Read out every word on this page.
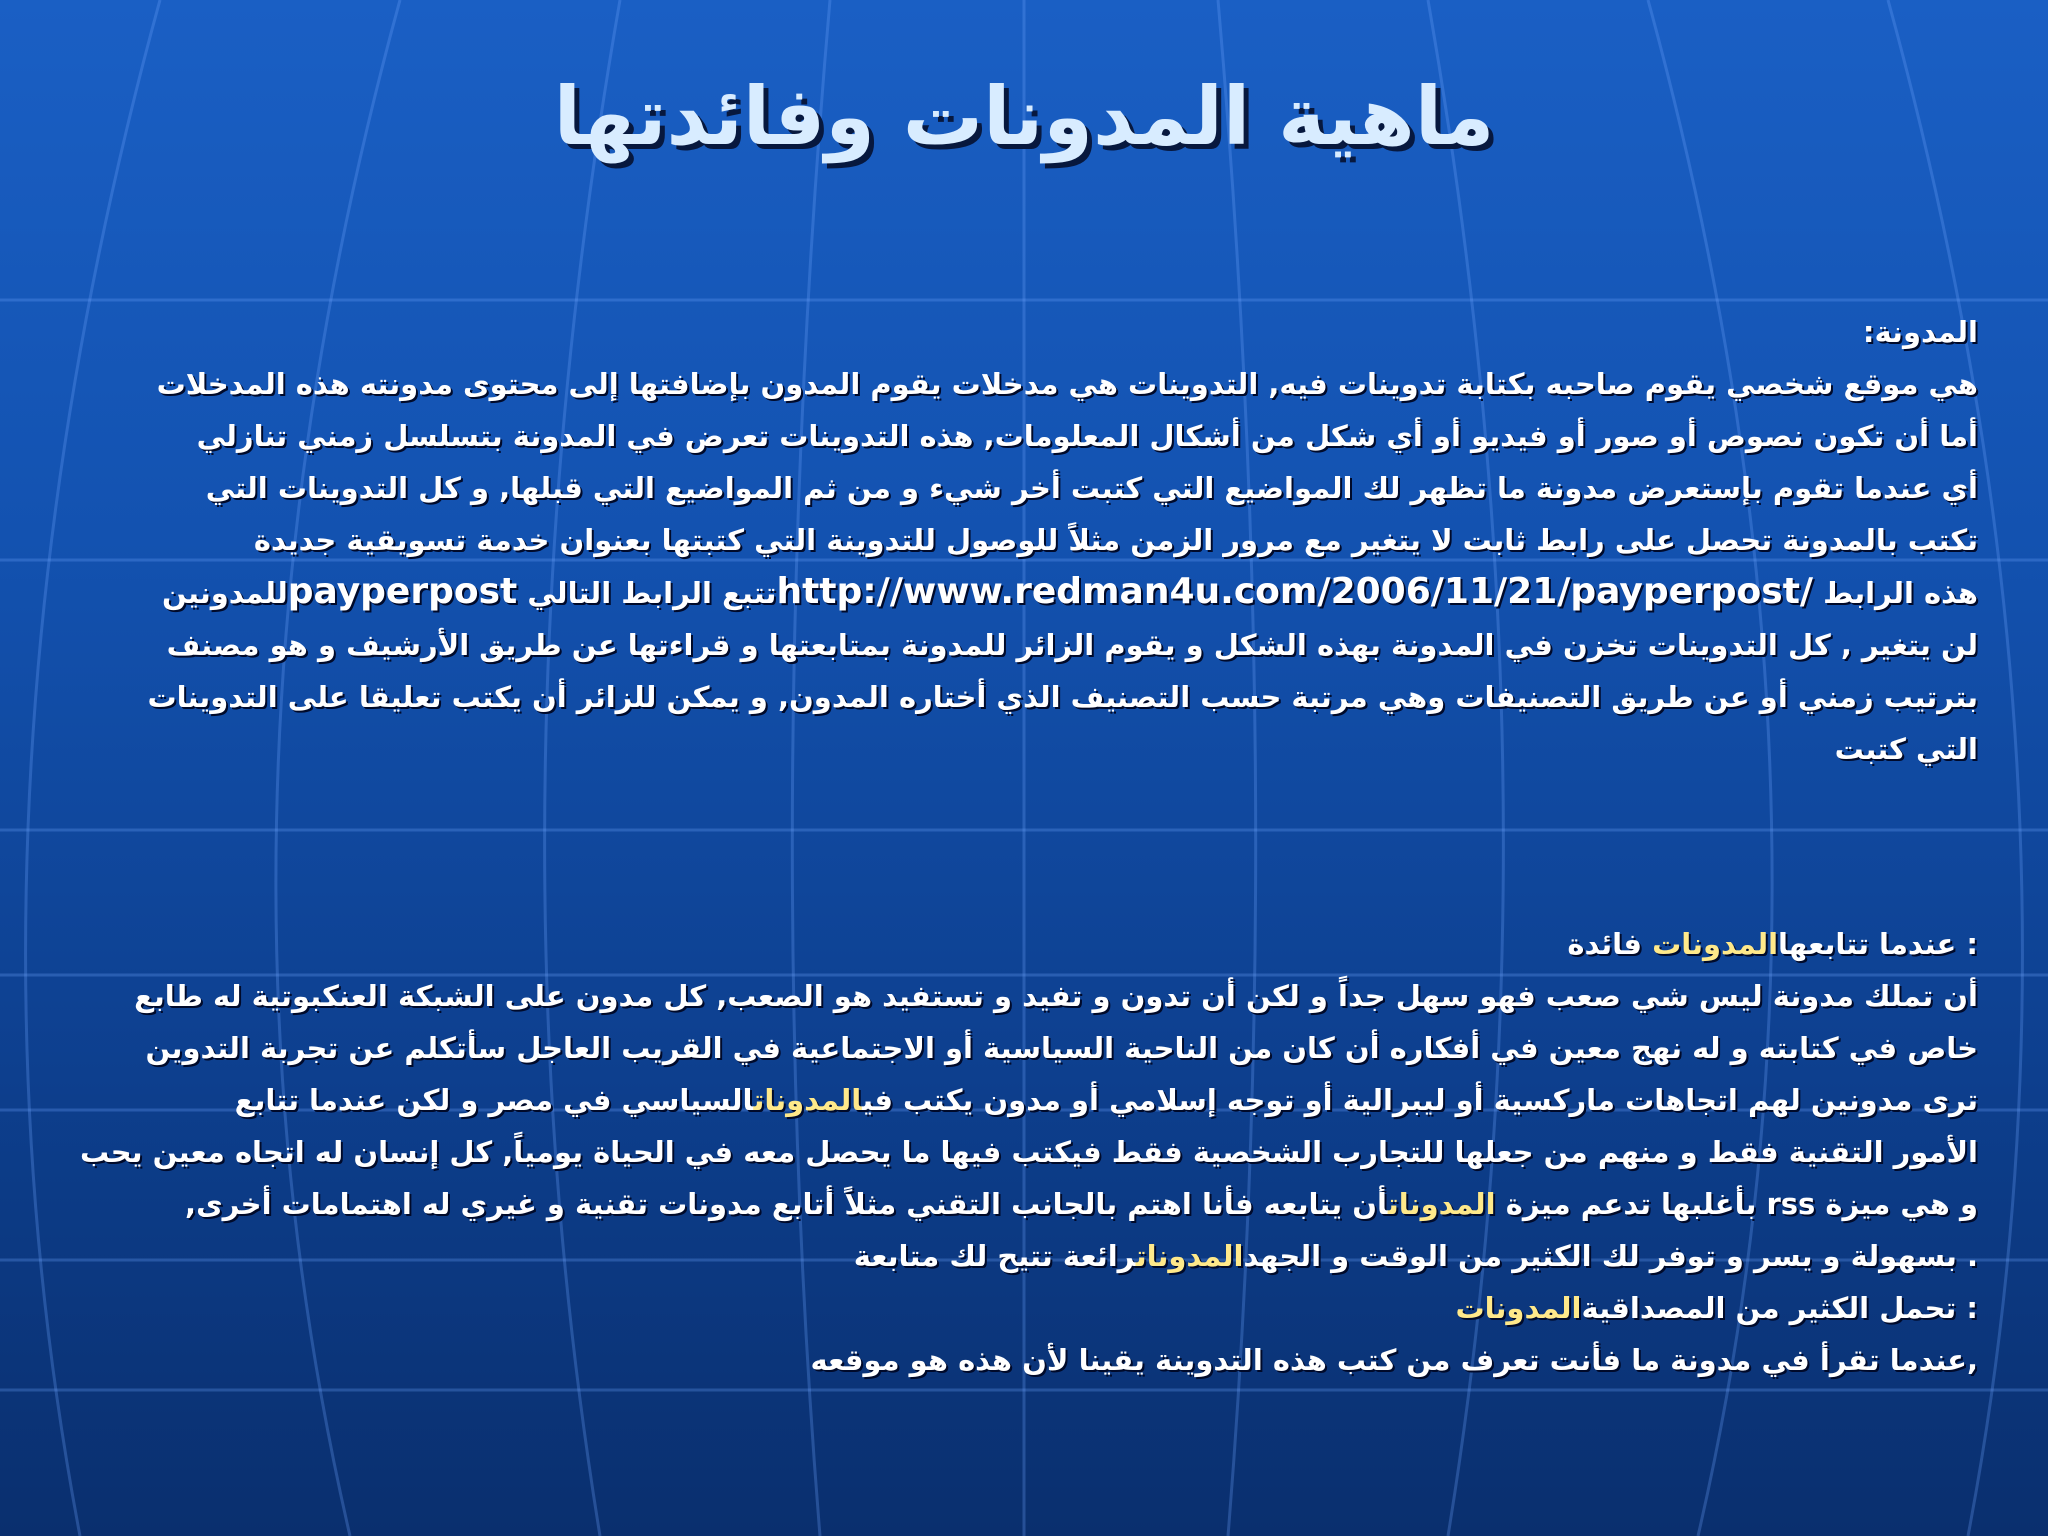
ماهية المدونات وفائدتها
المدونة:
هي موقع شخصي يقوم صاحبه بكتابة تدوينات فيه, التدوينات هي مدخلات يقوم المدون بإضافتها إلى محتوى مدونته هذه المدخلات
أما أن تكون نصوص أو صور أو فيديو أو أي شكل من أشكال المعلومات, هذه التدوينات تعرض في المدونة بتسلسل زمني تنازلي
أي عندما تقوم بإستعرض مدونة ما تظهر لك المواضيع التي كتبت أخر شيء و من ثم المواضيع التي قبلها, و كل التدوينات التي
تكتب بالمدونة تحصل على رابط ثابت لا يتغير مع مرور الزمن مثلاً للوصول للتدوينة التي كتبتها بعنوان خدمة تسويقية جديدة
هذه الرابط http://www.redman4u.com/2006/11/21/payperpost/تتبع الرابط التالي payperpostللمدونين
لن يتغير , كل التدوينات تخزن في المدونة بهذه الشكل و يقوم الزائر للمدونة بمتابعتها و قراءتها عن طريق الأرشيف و هو مصنف
بترتيب زمني أو عن طريق التصنيفات وهي مرتبة حسب التصنيف الذي أختاره المدون, و يمكن للزائر أن يكتب تعليقا على التدوينات
التي كتبت
: عندما تتابعهاالمدونات فائدة
أن تملك مدونة ليس شي صعب فهو سهل جداً و لكن أن تدون و تفيد و تستفيد هو الصعب, كل مدون على الشبكة العنكبوتية له طابع
خاص في كتابته و له نهج معين في أفكاره أن كان من الناحية السياسية أو الاجتماعية في القريب العاجل سأتكلم عن تجربة التدوين
ترى مدونين لهم اتجاهات ماركسية أو ليبرالية أو توجه إسلامي أو مدون يكتب فيالمدوناتالسياسي في مصر و لكن عندما تتابع
الأمور التقنية فقط و منهم من جعلها للتجارب الشخصية فقط فيكتب فيها ما يحصل معه في الحياة يومياً, كل إنسان له اتجاه معين يحب
و هي ميزة rss بأغلبها تدعم ميزة المدوناتأن يتابعه فأنا اهتم بالجانب التقني مثلاً أتابع مدونات تقنية و غيري له اهتمامات أخرى,
. بسهولة و يسر و توفر لك الكثير من الوقت و الجهدالمدوناترائعة تتيح لك متابعة
: تحمل الكثير من المصداقيةالمدونات
,عندما تقرأ في مدونة ما فأنت تعرف من كتب هذه التدوينة يقينا لأن هذه هو موقعه
